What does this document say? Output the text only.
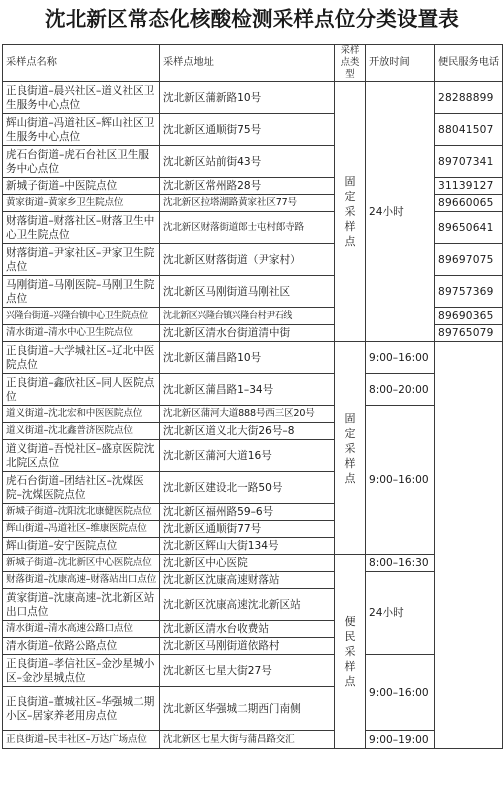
沈北新区常态化核酸检测采样点位分类设置表
采样点名称	采样点地址	采样点类型	开放时间	便民服务电话
正良街道–晨兴社区–道义社区卫生服务中心点位	沈北新区蒲新路10号	固定采样点	24小时	28288899
辉山街道–冯道社区–辉山社区卫生服务中心点位	沈北新区通顺街75号			88041507
虎石台街道–虎石台社区卫生服务中心点位	沈北新区站前街43号			89707341
新城子街道–中医院点位	沈北新区常州路28号			31139127
黄家街道–黄家乡卫生院点位	沈北新区拉塔湖路黄家社区77号			89660065
财落街道–财落社区–财落卫生中心卫生院点位	沈北新区财落街道郎士屯村郎寺路			89650641
财落街道–尹家社区–尹家卫生院点位	沈北新区财落街道（尹家村）			89697075
马刚街道–马刚医院–马刚卫生院点位	沈北新区马刚街道马刚社区			89757369
兴隆台街道–兴隆台镇中心卫生院点位	沈北新区兴隆台镇兴隆台村尹石线			89690365
清水街道–清水中心卫生院点位	沈北新区清水台街道清中街			89765079
正良街道–大学城社区–辽北中医院点位	沈北新区蒲昌路10号	固定采样点	9:00–16:00	
正良街道–鑫欣社区–同人医院点位	沈北新区蒲昌路1–34号		8:00–20:00	
道义街道–沈北宏和中医医院点位	沈北新区蒲河大道888号西三区20号		9:00–16:00	
道义街道–沈北鑫普济医院点位	沈北新区道义北大街26号–8			
道义街道–吾悦社区–盛京医院沈北院区点位	沈北新区蒲河大道16号			
虎石台街道–团结社区–沈煤医院–沈煤医院点位	沈北新区建设北一路50号			
新城子街道–沈阳沈北康健医院点位	沈北新区福州路59–6号			
辉山街道–冯道社区–维康医院点位	沈北新区通顺街77号			
辉山街道–安宁医院点位	沈北新区辉山大街134号			
新城子街道–沈北新区中心医院点位	沈北新区中心医院	便民采样点	8:00–16:30	
财落街道–沈康高速–财落站出口点位	沈北新区沈康高速财落站		24小时	
黄家街道–沈康高速–沈北新区站出口点位	沈北新区沈康高速沈北新区站			
清水街道–清水高速公路口点位	沈北新区清水台收费站			
清水街道–依路公路点位	沈北新区马刚街道依路村			
正良街道–孝信社区–金沙星城小区–金沙星城点位	沈北新区七星大街27号		9:00–16:00	
正良街道–董城社区–华强城二期小区–居家养老用房点位	沈北新区华强城二期西门南侧			
正良街道–民丰社区–万达广场点位	沈北新区七星大街与蒲昌路交汇		9:00–19:00	
